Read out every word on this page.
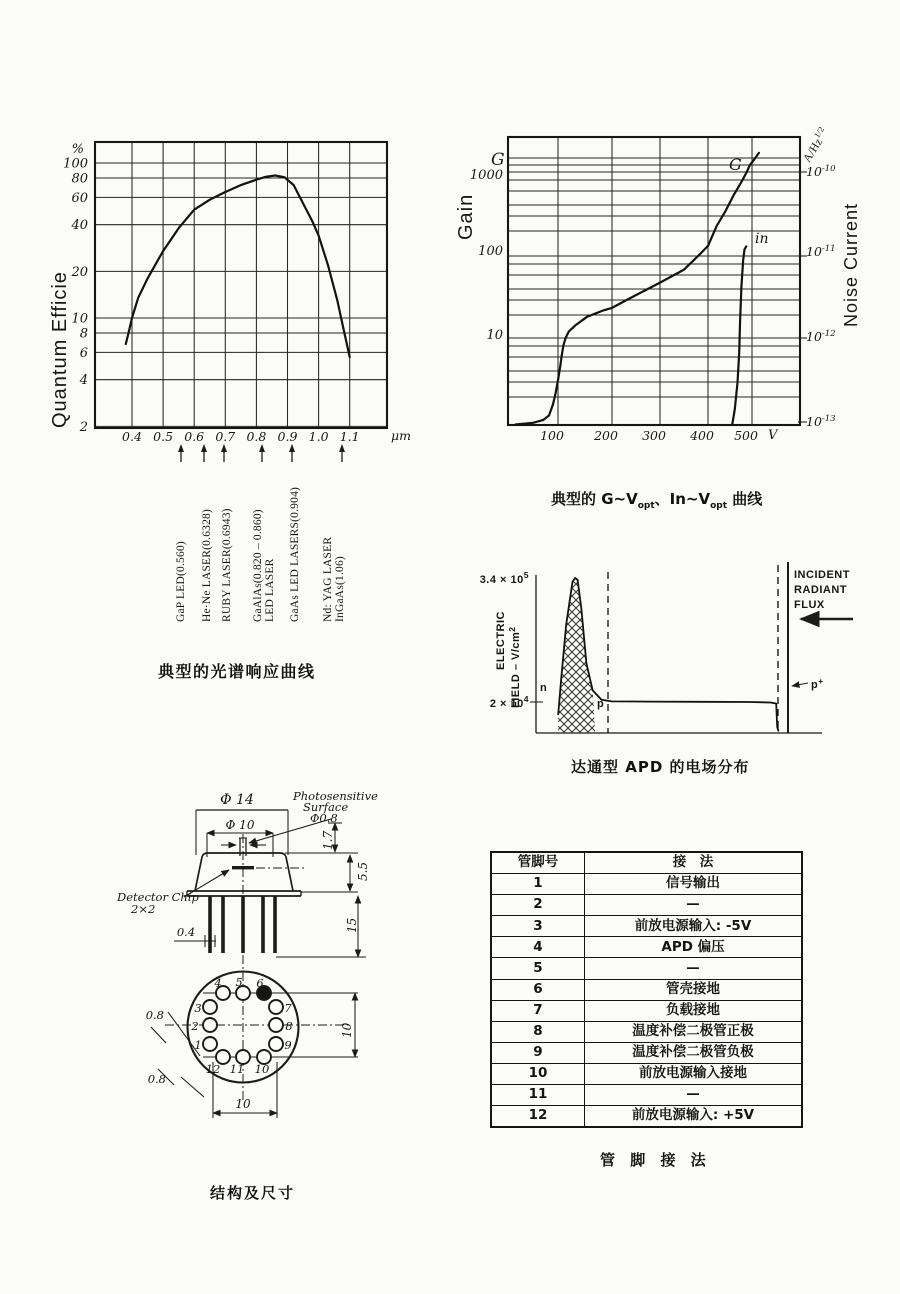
%
Quantum Efficie
μm
0.4 0.5 0.6 0.7 0.8 0.9 1.0 1.1
100
80
60
40
20
10
8
6
4
2
GaP LED(0.560) He·Ne LASER(0.6328) RUBY LASER(0.6943) GaAlAs(0.820 – 0.860) LED LASER GaAs LED LASERS(0.904) Nd: YAG LASER InGaAs(1.06)
G
Gain	Noise Current
$A/Hz^{1/2}$
G
in
V
100 200 300 400 500
1000
100
10
$10^{-10}$
$10^{-11}$
$10^{-12}$
$10^{-13}$
$3.4 \times 10^5$
$2 \times 10^4$
ELECTRIC FIELD – $V/cm^2$
INCIDENT
RADIANT
FLUX
p+
n
p
Φ 14
Φ 10
Photosensitive
Surface
Φ0.8
Detector Chip
2×2
0.4
1.7
5.5
15
10
10
0.8
0.8
1
2
3
4 5 6
7
8
9
10
11
12
管脚号	接　法
1	信号输出
2	—
3	前放电源输入: -5V
4	APD 偏压
5	—
6	管壳接地
7	负载接地
8	温度补偿二极管正极
9	温度补偿二极管负极
10	前放电源输入接地
11	—
12	前放电源输入: +5V
典型的光谱响应曲线
典型的 $G\sim V_{opt}$、$In\sim V_{opt}$ 曲线
达通型 APD 的电场分布
结构及尺寸
管 脚 接 法
